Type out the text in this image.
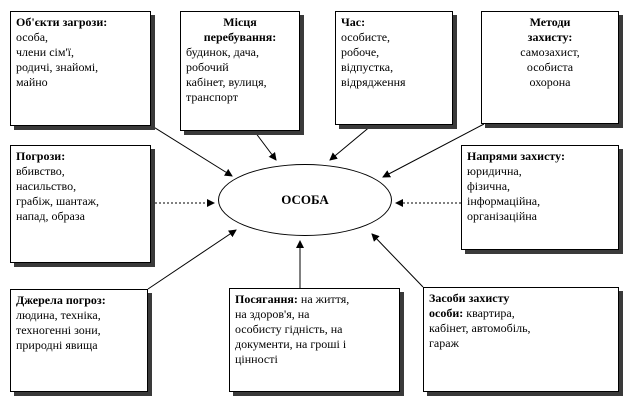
ОСОБА
Об'єкти загрози:
особа,
члени сім'ї,
родичі, знайомі,
майно
Місця
перебування:
будинок, дача,
робочий
кабінет, вулиця,
транспорт
Час:
особисте,
робоче,
відпустка,
відрядження
Методи
захисту:
самозахист,
особиста
охорона
Погрози:
вбивство,
насильство,
грабіж, шантаж,
напад, образа
Напрями захисту:
юридична,
фізична,
інформаційна,
організаційна
Джерела погроз:
людина, техніка,
техногенні зони,
природні явища
Посягання: на життя,
на здоров'я, на
особисту гідність, на
документи, на гроші і
цінності
Засоби захисту
особи: квартира,
кабінет, автомобіль,
гараж
